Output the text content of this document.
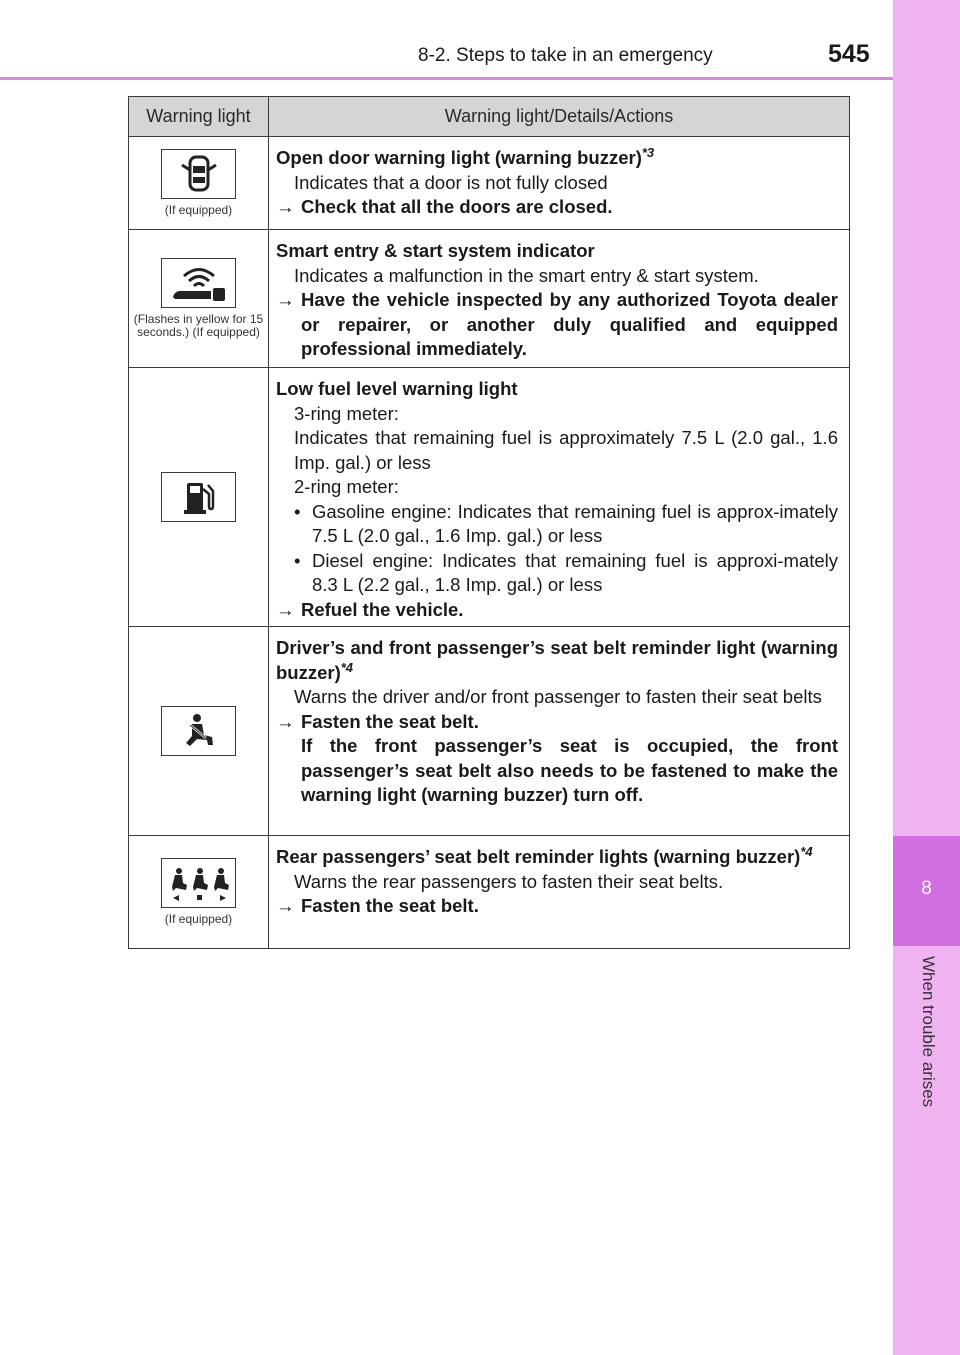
8-2. Steps to take in an emergency	545
8
When trouble arises
Warning light	Warning light/Details/Actions
(If equipped)
Open door warning light (warning buzzer)$^{*3}$
Indicates that a door is not fully closed
→ Check that all the doors are closed.
(Flashes in yellow for 15 seconds.) (If equipped)
Smart entry & start system indicator
Indicates a malfunction in the smart entry & start system.
→ Have the vehicle inspected by any authorized Toyota dealer or repairer, or another duly qualified and equipped professional immediately.
Low fuel level warning light
3-ring meter:
Indicates that remaining fuel is approximately 7.5 L (2.0 gal., 1.6 Imp. gal.) or less
2-ring meter:
• Gasoline engine: Indicates that remaining fuel is approx-imately 7.5 L (2.0 gal., 1.6 Imp. gal.) or less
• Diesel engine: Indicates that remaining fuel is approxi-mately 8.3 L (2.2 gal., 1.8 Imp. gal.) or less
→ Refuel the vehicle.
Driver’s and front passenger’s seat belt reminder light (warning buzzer)$^{*4}$
Warns the driver and/or front passenger to fasten their seat belts
→ Fasten the seat belt.
If the front passenger’s seat is occupied, the front passenger’s seat belt also needs to be fastened to make the warning light (warning buzzer) turn off.
(If equipped)
Rear passengers’ seat belt reminder lights (warning buzzer)$^{*4}$
Warns the rear passengers to fasten their seat belts.
→ Fasten the seat belt.
